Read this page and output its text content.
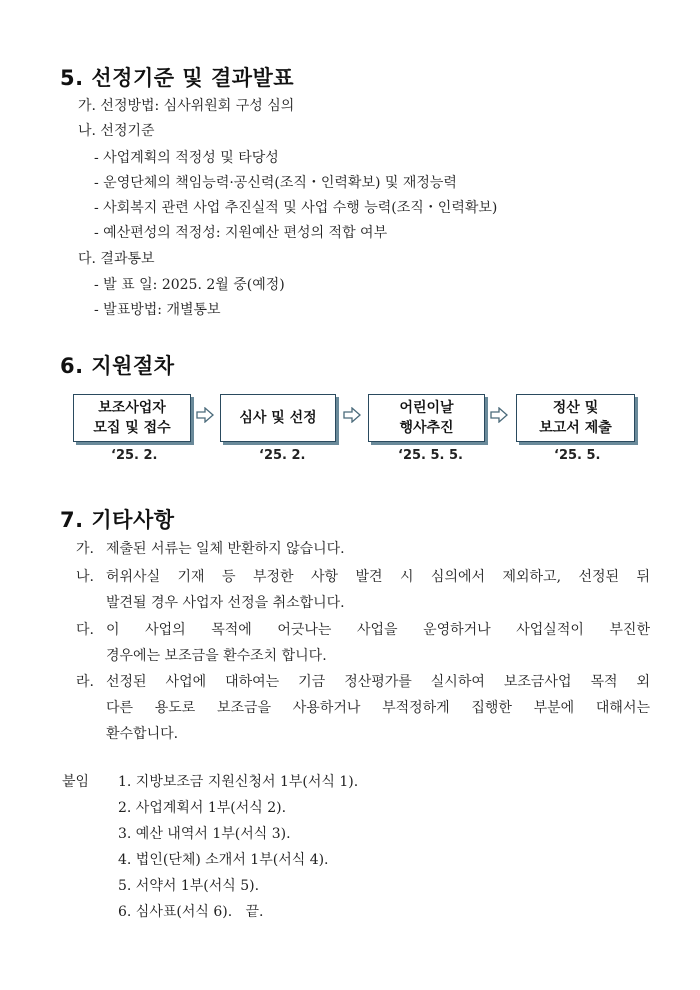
5. 선정기준 및 결과발표
가. 선정방법: 심사위원회 구성 심의
나. 선정기준
- 사업계획의 적정성 및 타당성
- 운영단체의 책임능력·공신력(조직・인력확보) 및 재정능력
- 사회복지 관련 사업 추진실적 및 사업 수행 능력(조직・인력확보)
- 예산편성의 적정성: 지원예산 편성의 적합 여부
다. 결과통보
- 발 표 일: 2025. 2월 중(예정)
- 발표방법: 개별통보
6. 지원절차
보조사업자
모집 및 접수
심사 및 선정
어린이날
행사추진
정산 및
보고서 제출
‘25. 2.	‘25. 2.	‘25. 5. 5.	‘25. 5.
7. 기타사항
가. 제출된 서류는 일체 반환하지 않습니다.
나. 허위사실 기재 등 부정한 사항 발견 시 심의에서 제외하고, 선정된 뒤
발견될 경우 사업자 선정을 취소합니다.
다. 이 사업의 목적에 어긋나는 사업을 운영하거나 사업실적이 부진한
경우에는 보조금을 환수조치 합니다.
라. 선정된 사업에 대하여는 기금 정산평가를 실시하여 보조금사업 목적 외
다른 용도로 보조금을 사용하거나 부적정하게 집행한 부분에 대해서는
환수합니다.
붙임 1. 지방보조금 지원신청서 1부(서식 1).
2. 사업계획서 1부(서식 2).
3. 예산 내역서 1부(서식 3).
4. 법인(단체) 소개서 1부(서식 4).
5. 서약서 1부(서식 5).
6. 심사표(서식 6).   끝.
